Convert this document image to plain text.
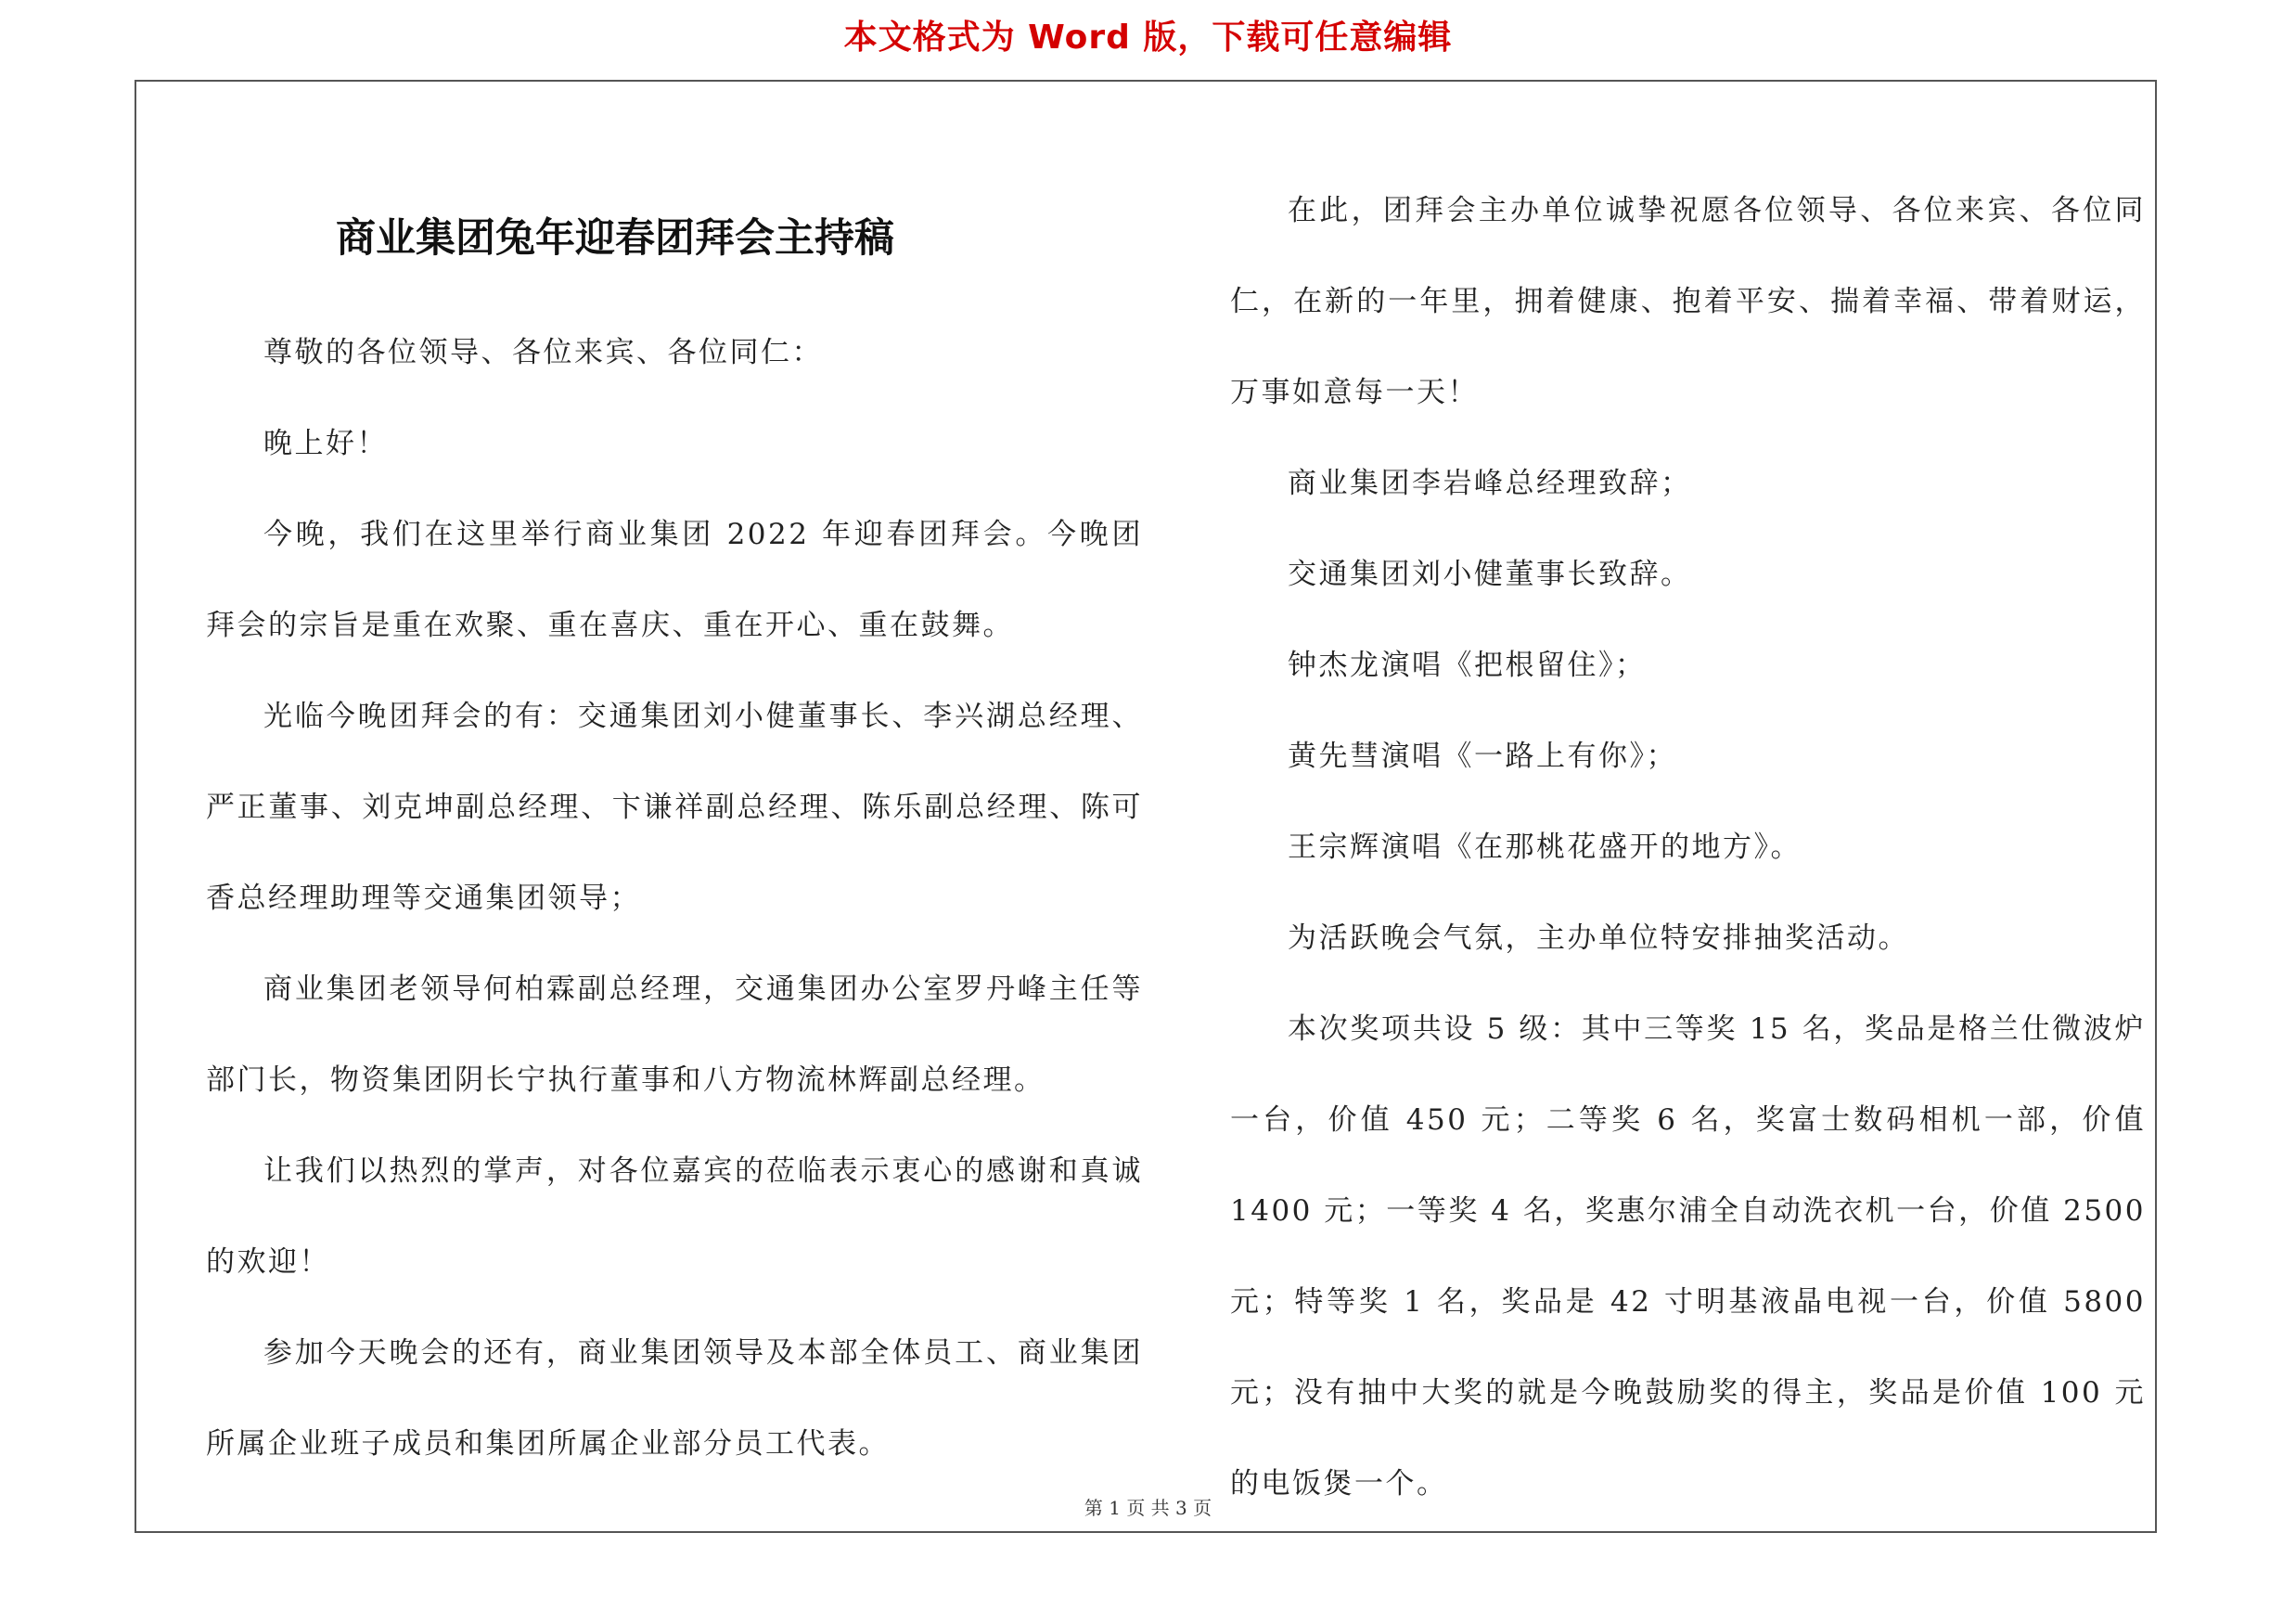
本文格式为 Word 版，下载可任意编辑
商业集团兔年迎春团拜会主持稿

尊敬的各位领导、各位来宾、各位同仁：

晚上好！

今晚，我们在这里举行商业集团 2022 年迎春团拜会。今晚团拜会的宗旨是重在欢聚、重在喜庆、重在开心、重在鼓舞。

光临今晚团拜会的有：交通集团刘小健董事长、李兴湖总经理、严正董事、刘克坤副总经理、卞谦祥副总经理、陈乐副总经理、陈可香总经理助理等交通集团领导；

商业集团老领导何柏霖副总经理，交通集团办公室罗丹峰主任等部门长，物资集团阴长宁执行董事和八方物流林辉副总经理。

让我们以热烈的掌声，对各位嘉宾的莅临表示衷心的感谢和真诚的欢迎！

参加今天晚会的还有，商业集团领导及本部全体员工、商业集团所属企业班子成员和集团所属企业部分员工代表。

在此，团拜会主办单位诚挚祝愿各位领导、各位来宾、各位同仁，在新的一年里，拥着健康、抱着平安、揣着幸福、带着财运，万事如意每一天！

商业集团李岩峰总经理致辞；

交通集团刘小健董事长致辞。

钟杰龙演唱《把根留住》；

黄先彗演唱《一路上有你》；

王宗辉演唱《在那桃花盛开的地方》。

为活跃晚会气氛，主办单位特安排抽奖活动。

本次奖项共设 5 级：其中三等奖 15 名，奖品是格兰仕微波炉一台，价值 450 元；二等奖 6 名，奖富士数码相机一部，价值 1400 元；一等奖 4 名，奖惠尔浦全自动洗衣机一台，价值 2500 元；特等奖 1 名，奖品是 42 寸明基液晶电视一台，价值 5800 元；没有抽中大奖的就是今晚鼓励奖的得主，奖品是价值 100 元的电饭煲一个。

第 1 页 共 3 页
